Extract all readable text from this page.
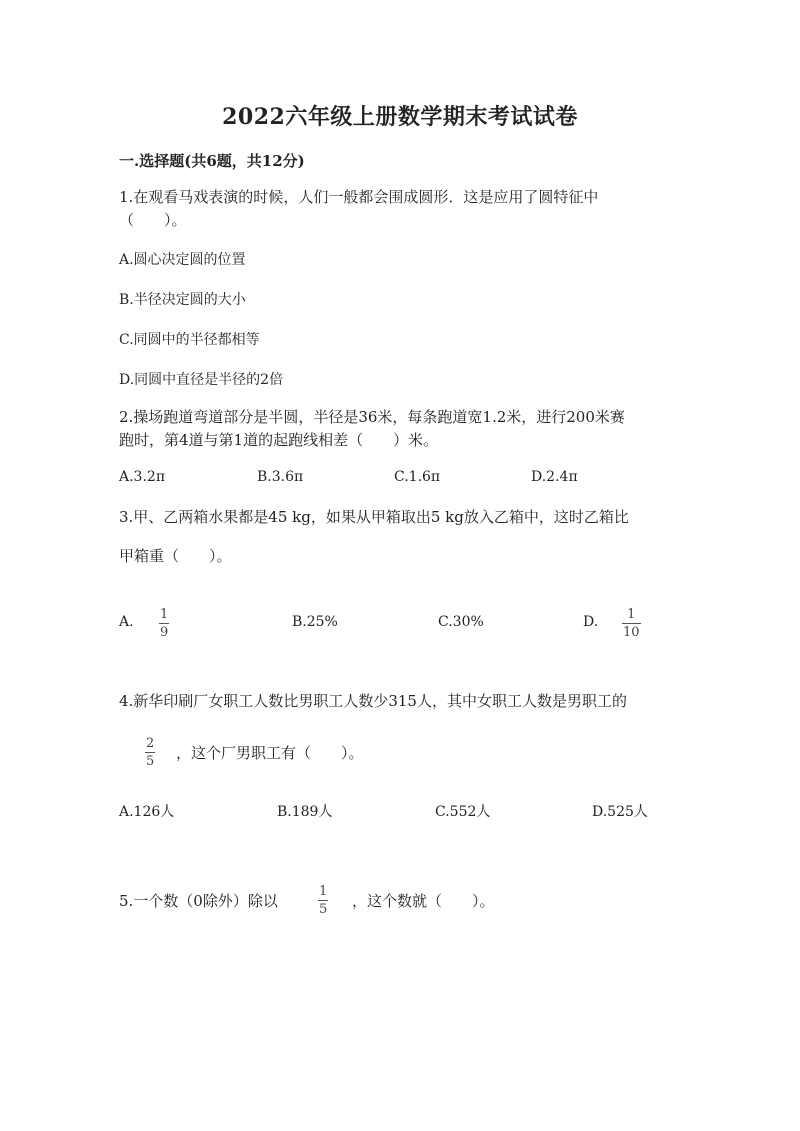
2022六年级上册数学期末考试试卷
一.选择题(共6题，共12分)
1.在观看马戏表演的时候，人们一般都会围成圆形．这是应用了圆特征中
（　　）。
A.圆心决定圆的位置
B.半径决定圆的大小
C.同圆中的半径都相等
D.同圆中直径是半径的2倍
2.操场跑道弯道部分是半圆，半径是36米，每条跑道宽1.2米，进行200米赛
跑时，第4道与第1道的起跑线相差（　　）米。
A.3.2π	B.3.6π	C.1.6π	D.2.4π
3.甲、乙两箱水果都是45 kg，如果从甲箱取出5 kg放入乙箱中，这时乙箱比
甲箱重（　　）。
A. 1
9
B.25%	C.30%	D. 1
10
4.新华印刷厂女职工人数比男职工人数少315人，其中女职工人数是男职工的
2
5 ，这个厂男职工有（　　）。
A.126人	B.189人	C.552人	D.525人
5.一个数（0除外）除以
1
5 ，这个数就（　　）。
